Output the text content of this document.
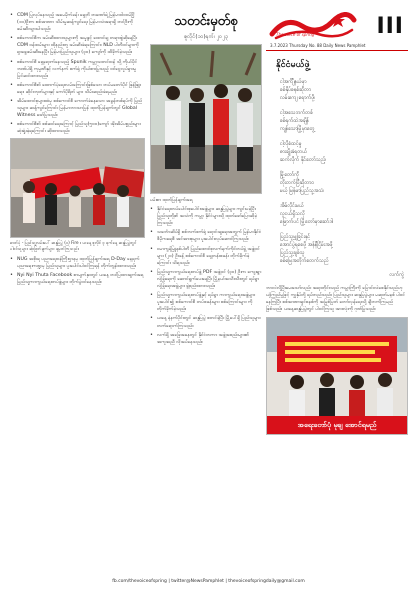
• CDM ပြုလုပ်နေသည့် အမေမိုက်ခန်း ရှေ့တိ တဏော်ရဲ့ မြန်မာဝါဝဝမ်ငြှိ (၁၀)ဦးက စစ်အာဏာ သိမ်းမှုဆန့်ကျင်ရေး မြန်မာသံအရာရှိ တင်ဦးကို ဖမ်းဆီးသွားပါသည်။

• စစ်ကောင်စီက ဖမ်းဆီးထားသူများကို အမှုဖွင့် ထောင်ချ တရားစွဲဆိုနေပြီး CDM ဝန်ထမ်းများ ထိုနည်းတူ ဖမ်းဆီးခံရကြောင်း၊ NLD ပါတီဝင်များကို ရှာဖွေဖမ်းဆီးနေပြီး မြန်မာပြည်သူများ (၃၀) ကျော်ကို ထိခိုက်ခဲ့သည်။

• စစ်ကောင်စီ ရှေ့ရောက်နေသည့် Spunik ကမ္ဘာ့သတင်းဝန် သို့ ကိုယ်ပိုင်ဘဏ်ပါရှိ ကုမ္ပဏီနှင့် လက်နက် စက်ရုံ ကိုယ်စားပြုသည့် ဝင်ငွေလှုပ်ရှားမှု ပြင်ဆင်ထားသည်။

• စစ်ကောင်စီ၏ ထောက်ပံ့ရေးလမ်းကြောင်းဖြစ်သော တပ်မတော်ပိုင် ဖြန့်ဖြူးရေး၊ ဆိုင်းဘုတ်များနှင့် ကော်ပိုရိတ် များ သိမ်းဆည်းခံရမည်။

• အိမ်ထောင်စုများထံမှ စစ်ကောင်စီ ကောက်ခံနေသော အခွန်တစ်ရပ်ကို ပြည်သူများ ဆန့်ကျင်ကြောင်း မြန်မာဘာသာပြန် ထုတ်ပြန်ချက်တွင် Global Witness ဖော်ပြသည်။

• စစ်ကောင်စီ၏ စစ်ဆင်ရေးကြောင့် ပြည်သူ(၅၀၀)ကျော် အိုးအိမ်ပစ္စည်းများ ဆုံးရှုံးခဲ့ရကြောင်း ဆိုထားသည်။

ဓာတ်ပုံ - ပြည်သူ့လမ်းပေါ် ဆန္ဒပြပွဲ (၁) Fire ။ ယနေ့ ဇူလိုင် ၃ ရက်နေ့ ဆန္ဒပြပွဲတွင် ပါဝင်သူများ ဆုံးဖြတ်ချက်များ ချမှတ်ကြသည်။

• NUG အစိုးရ ပညာရေးဝန်ကြီးဌာနမှ ထုတ်ပြန်ချက်အရ D-Day နေ့ရက် ပညာရေးကဏ္ဍမှ ပြည်သူများ ပူးပေါင်းပါဝင်ကြရန် တိုက်တွန်းထားသည်။

• Nyi Nyi Thuta Facebook စာမျက်နှာတွင် ယနေ့ တင်ပြထားချက်အရ ပြည်သူ့ကာကွယ်ရေးတပ်ဖွဲ့များ တိုက်ပွဲဝင်နေသည်။

သတင်းမှတ်စု
ဇူလိုင်(၁၀)ရက်၊ ၂၀၂၃

ပမ်းစာ ထုတ်ပြန်ချက်အရ

• နိုင်ငံရေးတပ်ပေါင်းစုပေါင်းအဖွဲ့များ ဆန္ဒပြပွဲများ ကျင်းပခဲ့ပြီး ပြည်သူတို့၏ အသံကို ကမ္ဘာ့ နိုင်ငံများသို့ ထုတ်ဖော်ပြောဆိုခဲ့ကြသည်။

• သင်္ဘောဆိပ်ရှိ စစ်ဘက်စက်ရုံ ရောင်းချရေးအတွက် မြန်မာနိုင်ငံ ဒီမိုကရေစီ အင်အားစုများ ပူးပေါင်းလုပ်ဆောင်ကြသည်။

• ဗမာကွန်မြူနစ်ပါတီ ပြည်ထောင်စုလက်နက်ကိုင်တပ်ဖွဲ့ အဖွဲ့ဝင်များ (၂၀) ဦးခန့် စစ်ကောင်စီ ရှေ့တန်းစခန်း တိုက်ခိုက်ခဲ့ကြောင်း သိရသည်။

• ပြည်သူ့ကာကွယ်ရေးတပ်ဖွဲ့ PDF အဖွဲ့ဝင် (၃၀) ဦးက ကျေးရွာလုံခြုံရေးကို ဆောင်ရွက်ပေးနေပြီး မြို့နယ်အသီးသီးတွင် ရပ်ရွာလုံခြုံရေးအဖွဲ့များ ဖွဲ့စည်းထားသည်။

• ပြည်သူ့ကာကွယ်ရေးတပ်ဖွဲ့နှင့် ရပ်ရွာ ကာကွယ်ရေးအဖွဲ့များ ပူးပေါင်း၍ စစ်ကောင်စီ တပ်စခန်းများ စစ်ကြောင်းများ ကို တိုက်ခိုက်ခဲ့သည်။

• ယနေ့ နံနက်ပိုင်းတွင် ဆန္ဒပြပွဲ စတင်ခဲ့ပြီး မြို့ပေါ်ရှိ ပြည်သူများ တက်ရောက်ကြသည်။

• လက်ရှိ အခြေအနေတွင် နိုင်ငံတကာ အဖွဲ့အစည်းများ၏ အကူအညီ လိုအပ်နေသည်။

The voice of spring	III
3.7.2023 Thursday No. 88 Daily News Pamphlet
နိုင်ငံမယ်ဖွဲ့

ငါ့အင်္ကျီနယ်မှာ
စစ်နှိပ်စနစ်ဆိုတာ
လမ်းကျေ ရောက်ဖို့၊

ငါ့အသေဘက်တစ်
စစ်ရက်ထဲအချိန်
ကျန်သောမြို့မှာတွေ့

ငါ့လိုစံထင့်မှု
ဓားချိုးခံရတယ်
ဆက်လိုက် နိုင်တော်သည့်၊

မြို့တော်ကို
တိုးတက်ပြီဆိုတာဝ
မယ့် မြန်မာပြည်သူ့အသံ၊

အိမ်လိုင်းမယ်
လူငယ်ရှိသလို
မြောက်ပင် မြို့တော်မှာဆော်ဒါ၊

ပြည်သူ့မျှခြင်းနှင့်
အောင်ပွဲရစေဖို့ အန်နီငြိမ်းအဖို့
ပြည်သူ့ချစ်သူ
စစ်မြေအတိုက်စတက်သည်

လက်ကွဲ

ဘာလဲလို့ပြီးမေးသော်လည်း အရာတိုင်းသည် ကမ္ဘာကြီးကို ပြောင်းလဲစေနိုင်သည်ဟု ယုံကြည်မှုဖြင့် ကျွန်ုပ်တို့ ရပ်တည်သည်။ ပြည်သူများ ဆန္ဒပြပွဲများ မဆုတ်မနစ် ပါဝင်နေကြပြီး စစ်အာဏာရှင်စနစ်ကို အမြစ်ပြတ် တော်လှန်ရေးသို့ ချီတက်ကြမည် ဖြစ်သည်။ ယနေ့ဆန္ဒပြပွဲတွင် ပါဝင်ကြသူ အားလုံးကို ဂုဏ်ပြုသည်။

အရေးတော်ပုံ မုချ အောင်ရမည်
fb.com/thevoiceofspring | twitter@NewsPamphlet | thevoiceofspringdaily@gmail.com
